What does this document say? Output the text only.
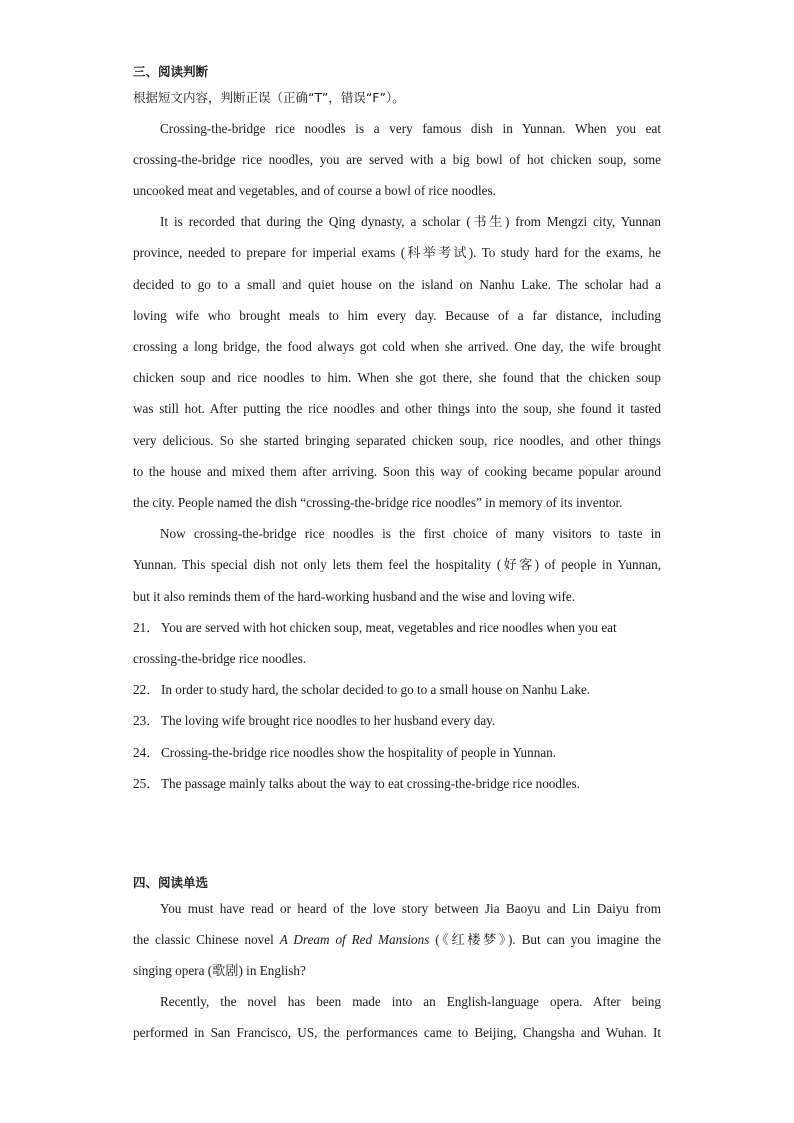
三、阅读判断
根据短文内容，判断正误（正确“T”，错误“F”）。
Crossing-the-bridge rice noodles is a very famous dish in Yunnan. When you eat
crossing-the-bridge rice noodles, you are served with a big bowl of hot chicken soup, some
uncooked meat and vegetables, and of course a bowl of rice noodles.
It is recorded that during the Qing dynasty, a scholar (书生) from Mengzi city, Yunnan
province, needed to prepare for imperial exams (科举考试). To study hard for the exams, he
decided to go to a small and quiet house on the island on Nanhu Lake. The scholar had a
loving wife who brought meals to him every day. Because of a far distance, including
crossing a long bridge, the food always got cold when she arrived. One day, the wife brought
chicken soup and rice noodles to him. When she got there, she found that the chicken soup
was still hot. After putting the rice noodles and other things into the soup, she found it tasted
very delicious. So she started bringing separated chicken soup, rice noodles, and other things
to the house and mixed them after arriving. Soon this way of cooking became popular around
the city. People named the dish “crossing-the-bridge rice noodles” in memory of its inventor.
Now crossing-the-bridge rice noodles is the first choice of many visitors to taste in
Yunnan. This special dish not only lets them feel the hospitality (好客) of people in Yunnan,
but it also reminds them of the hard-working husband and the wise and loving wife.
21． You are served with hot chicken soup, meat, vegetables and rice noodles when you eat
crossing-the-bridge rice noodles.
22． In order to study hard, the scholar decided to go to a small house on Nanhu Lake.
23． The loving wife brought rice noodles to her husband every day.
24． Crossing-the-bridge rice noodles show the hospitality of people in Yunnan.
25． The passage mainly talks about the way to eat crossing-the-bridge rice noodles.
四、阅读单选
You must have read or heard of the love story between Jia Baoyu and Lin Daiyu from
the classic Chinese novel A Dream of Red Mansions (《红楼梦》). But can you imagine the
singing opera (歌剧) in English?
Recently, the novel has been made into an English-language opera. After being
performed in San Francisco, US, the performances came to Beijing, Changsha and Wuhan. It
